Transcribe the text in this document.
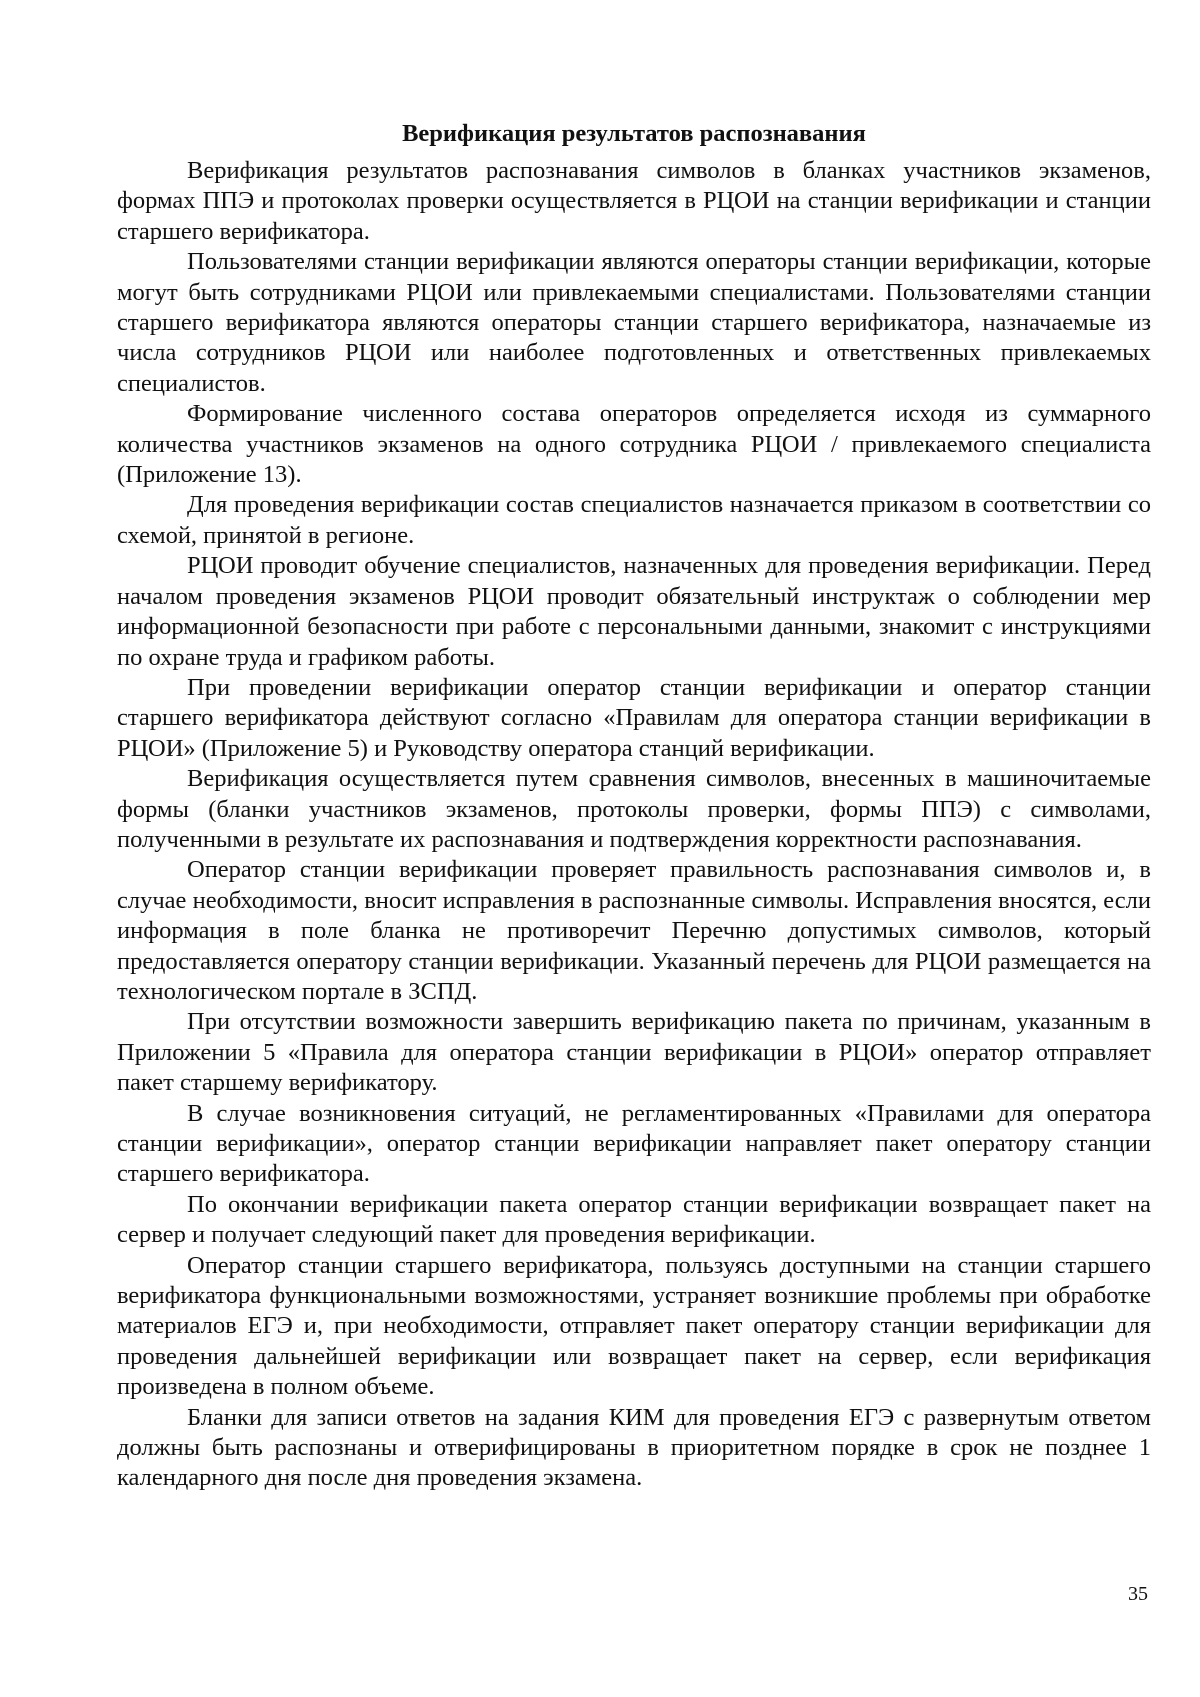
Верификация результатов распознавания

Верификация результатов распознавания символов в бланках участников экзаменов, формах ППЭ и протоколах проверки осуществляется в РЦОИ на станции верификации и станции старшего верификатора.

Пользователями станции верификации являются операторы станции верификации, которые могут быть сотрудниками РЦОИ или привлекаемыми специалистами. Пользователями станции старшего верификатора являются операторы станции старшего верификатора, назначаемые из числа сотрудников РЦОИ или наиболее подготовленных и ответственных привлекаемых специалистов.

Формирование численного состава операторов определяется исходя из суммарного количества участников экзаменов на одного сотрудника РЦОИ / привлекаемого специалиста (Приложение 13).

Для проведения верификации состав специалистов назначается приказом в соответствии со схемой, принятой в регионе.

РЦОИ проводит обучение специалистов, назначенных для проведения верификации. Перед началом проведения экзаменов РЦОИ проводит обязательный инструктаж о соблюдении мер информационной безопасности при работе с персональными данными, знакомит с инструкциями по охране труда и графиком работы.

При проведении верификации оператор станции верификации и оператор станции старшего верификатора действуют согласно «Правилам для оператора станции верификации в РЦОИ» (Приложение 5) и Руководству оператора станций верификации.

Верификация осуществляется путем сравнения символов, внесенных в машиночитаемые формы (бланки участников экзаменов, протоколы проверки, формы ППЭ) с символами, полученными в результате их распознавания и подтверждения корректности распознавания.

Оператор станции верификации проверяет правильность распознавания символов и, в случае необходимости, вносит исправления в распознанные символы. Исправления вносятся, если информация в поле бланка не противоречит Перечню допустимых символов, который предоставляется оператору станции верификации. Указанный перечень для РЦОИ размещается на технологическом портале в ЗСПД.

При отсутствии возможности завершить верификацию пакета по причинам, указанным в Приложении 5 «Правила для оператора станции верификации в РЦОИ» оператор отправляет пакет старшему верификатору.

В случае возникновения ситуаций, не регламентированных «Правилами для оператора станции верификации», оператор станции верификации направляет пакет оператору станции старшего верификатора.

По окончании верификации пакета оператор станции верификации возвращает пакет на сервер и получает следующий пакет для проведения верификации.

Оператор станции старшего верификатора, пользуясь доступными на станции старшего верификатора функциональными возможностями, устраняет возникшие проблемы при обработке материалов ЕГЭ и, при необходимости, отправляет пакет оператору станции верификации для проведения дальнейшей верификации или возвращает пакет на сервер, если верификация произведена в полном объеме.

Бланки для записи ответов на задания КИМ для проведения ЕГЭ с развернутым ответом должны быть распознаны и отверифицированы в приоритетном порядке в срок не позднее 1 календарного дня после дня проведения экзамена.

35
